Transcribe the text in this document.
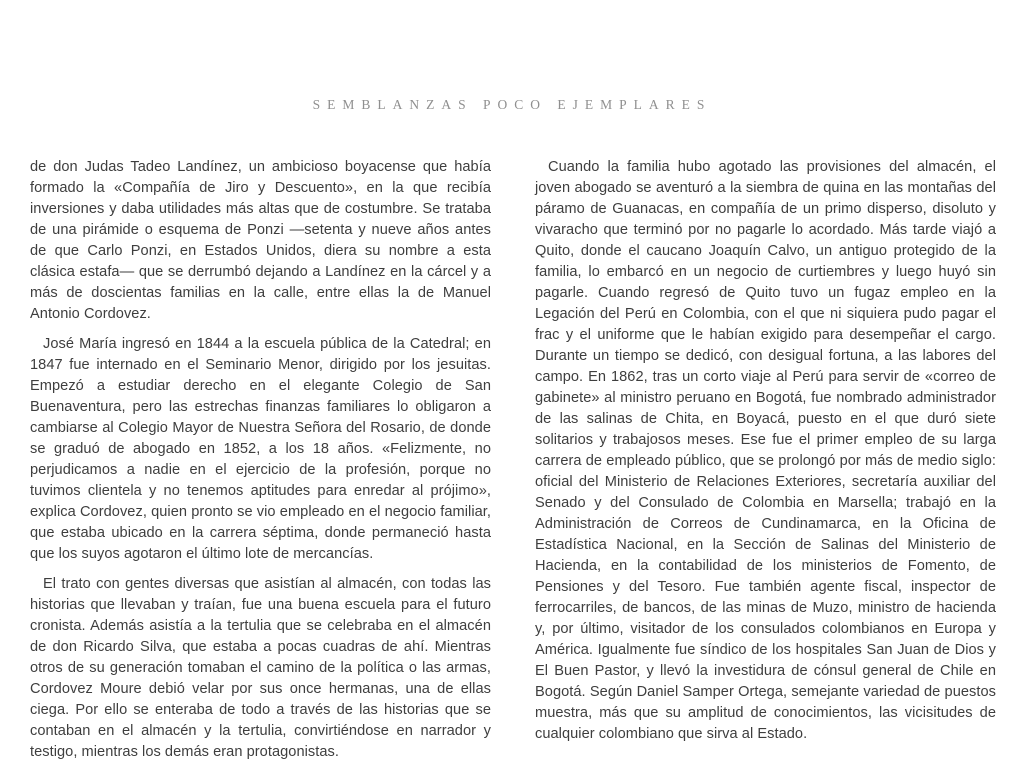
SEMBLANZAS POCO EJEMPLARES

de don Judas Tadeo Landínez, un ambicioso boyacense que había formado la «Compañía de Jiro y Descuento», en la que recibía inversiones y daba utilidades más altas que de costumbre. Se trataba de una pirámide o esquema de Ponzi —setenta y nueve años antes de que Carlo Ponzi, en Estados Unidos, diera su nombre a esta clásica estafa— que se derrumbó dejando a Landínez en la cárcel y a más de doscientas familias en la calle, entre ellas la de Manuel Antonio Cordovez.

José María ingresó en 1844 a la escuela pública de la Catedral; en 1847 fue internado en el Seminario Menor, dirigido por los jesuitas. Empezó a estudiar derecho en el elegante Colegio de San Buenaventura, pero las estrechas finanzas familiares lo obligaron a cambiarse al Colegio Mayor de Nuestra Señora del Rosario, de donde se graduó de abogado en 1852, a los 18 años. «Felizmente, no perjudicamos a nadie en el ejercicio de la profesión, porque no tuvimos clientela y no tenemos aptitudes para enredar al prójimo», explica Cordovez, quien pronto se vio empleado en el negocio familiar, que estaba ubicado en la carrera séptima, donde permaneció hasta que los suyos agotaron el último lote de mercancías.

El trato con gentes diversas que asistían al almacén, con todas las historias que llevaban y traían, fue una buena escuela para el futuro cronista. Además asistía a la tertulia que se celebraba en el almacén de don Ricardo Silva, que estaba a pocas cuadras de ahí. Mientras otros de su generación tomaban el camino de la política o las armas, Cordovez Moure debió velar por sus once hermanas, una de ellas ciega. Por ello se enteraba de todo a través de las historias que se contaban en el almacén y la tertulia, convirtiéndose en narrador y testigo, mientras los demás eran protagonistas.

Cuando la familia hubo agotado las provisiones del almacén, el joven abogado se aventuró a la siembra de quina en las montañas del páramo de Guanacas, en compañía de un primo disperso, disoluto y vivaracho que terminó por no pagarle lo acordado. Más tarde viajó a Quito, donde el caucano Joaquín Calvo, un antiguo protegido de la familia, lo embarcó en un negocio de curtiembres y luego huyó sin pagarle. Cuando regresó de Quito tuvo un fugaz empleo en la Legación del Perú en Colombia, con el que ni siquiera pudo pagar el frac y el uniforme que le habían exigido para desempeñar el cargo. Durante un tiempo se dedicó, con desigual fortuna, a las labores del campo. En 1862, tras un corto viaje al Perú para servir de «correo de gabinete» al ministro peruano en Bogotá, fue nombrado administrador de las salinas de Chita, en Boyacá, puesto en el que duró siete solitarios y trabajosos meses. Ese fue el primer empleo de su larga carrera de empleado público, que se prolongó por más de medio siglo: oficial del Ministerio de Relaciones Exteriores, secretaría auxiliar del Senado y del Consulado de Colombia en Marsella; trabajó en la Administración de Correos de Cundinamarca, en la Oficina de Estadística Nacional, en la Sección de Salinas del Ministerio de Hacienda, en la contabilidad de los ministerios de Fomento, de Pensiones y del Tesoro. Fue también agente fiscal, inspector de ferrocarriles, de bancos, de las minas de Muzo, ministro de hacienda y, por último, visitador de los consulados colombianos en Europa y América. Igualmente fue síndico de los hospitales San Juan de Dios y El Buen Pastor, y llevó la investidura de cónsul general de Chile en Bogotá. Según Daniel Samper Ortega, semejante variedad de puestos muestra, más que su amplitud de conocimientos, las vicisitudes de cualquier colombiano que sirva al Estado.
